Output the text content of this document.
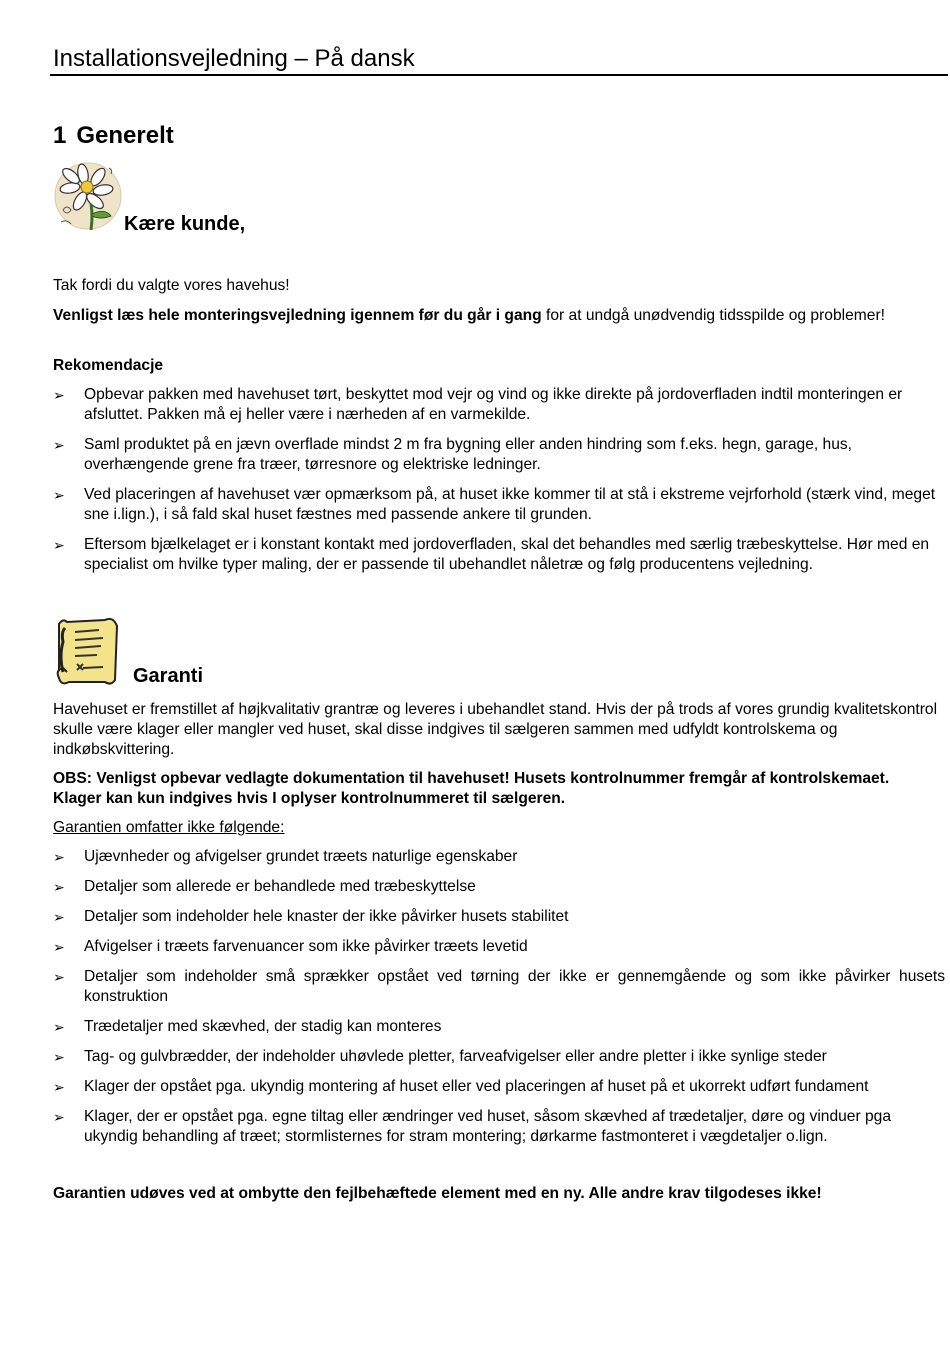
Installationsvejledning – På dansk
1 Generelt
Kære kunde,
Tak fordi du valgte vores havehus!
Venligst læs hele monteringsvejledning igennem før du går i gang for at undgå unødvendig tidsspilde og problemer!
Rekomendacje
➢ Opbevar pakken med havehuset tørt, beskyttet mod vejr og vind og ikke direkte på jordoverfladen indtil monteringen er afsluttet. Pakken må ej heller være i nærheden af en varmekilde.
➢ Saml produktet på en jævn overflade mindst 2 m fra bygning eller anden hindring som f.eks. hegn, garage, hus, overhængende grene fra træer, tørresnore og elektriske ledninger.
➢ Ved placeringen af havehuset vær opmærksom på, at huset ikke kommer til at stå i ekstreme vejrforhold (stærk vind, meget sne i.lign.), i så fald skal huset fæstnes med passende ankere til grunden.
➢ Eftersom bjælkelaget er i konstant kontakt med jordoverfladen, skal det behandles med særlig træbeskyttelse. Hør med en specialist om hvilke typer maling, der er passende til ubehandlet nåletræ og følg producentens vejledning.
Garanti
Havehuset er fremstillet af højkvalitativ grantræ og leveres i ubehandlet stand. Hvis der på trods af vores grundig kvalitetskontrol skulle være klager eller mangler ved huset, skal disse indgives til sælgeren sammen med udfyldt kontrolskema og indkøbskvittering.
OBS: Venligst opbevar vedlagte dokumentation til havehuset! Husets kontrolnummer fremgår af kontrolskemaet. Klager kan kun indgives hvis I oplyser kontrolnummeret til sælgeren.
Garantien omfatter ikke følgende:
➢ Ujævnheder og afvigelser grundet træets naturlige egenskaber
➢ Detaljer som allerede er behandlede med træbeskyttelse
➢ Detaljer som indeholder hele knaster der ikke påvirker husets stabilitet
➢ Afvigelser i træets farvenuancer som ikke påvirker træets levetid
➢ Detaljer som indeholder små sprækker opstået ved tørning der ikke er gennemgående og som ikke påvirker husets konstruktion
➢ Trædetaljer med skævhed, der stadig kan monteres
➢ Tag- og gulvbrædder, der indeholder uhøvlede pletter, farveafvigelser eller andre pletter i ikke synlige steder
➢ Klager der opstået pga. ukyndig montering af huset eller ved placeringen af huset på et ukorrekt udført fundament
➢ Klager, der er opstået pga. egne tiltag eller ændringer ved huset, såsom skævhed af trædetaljer, døre og vinduer pga ukyndig behandling af træet; stormlisternes for stram montering; dørkarme fastmonteret i vægdetaljer o.lign.
Garantien udøves ved at ombytte den fejlbehæftede element med en ny. Alle andre krav tilgodeses ikke!
